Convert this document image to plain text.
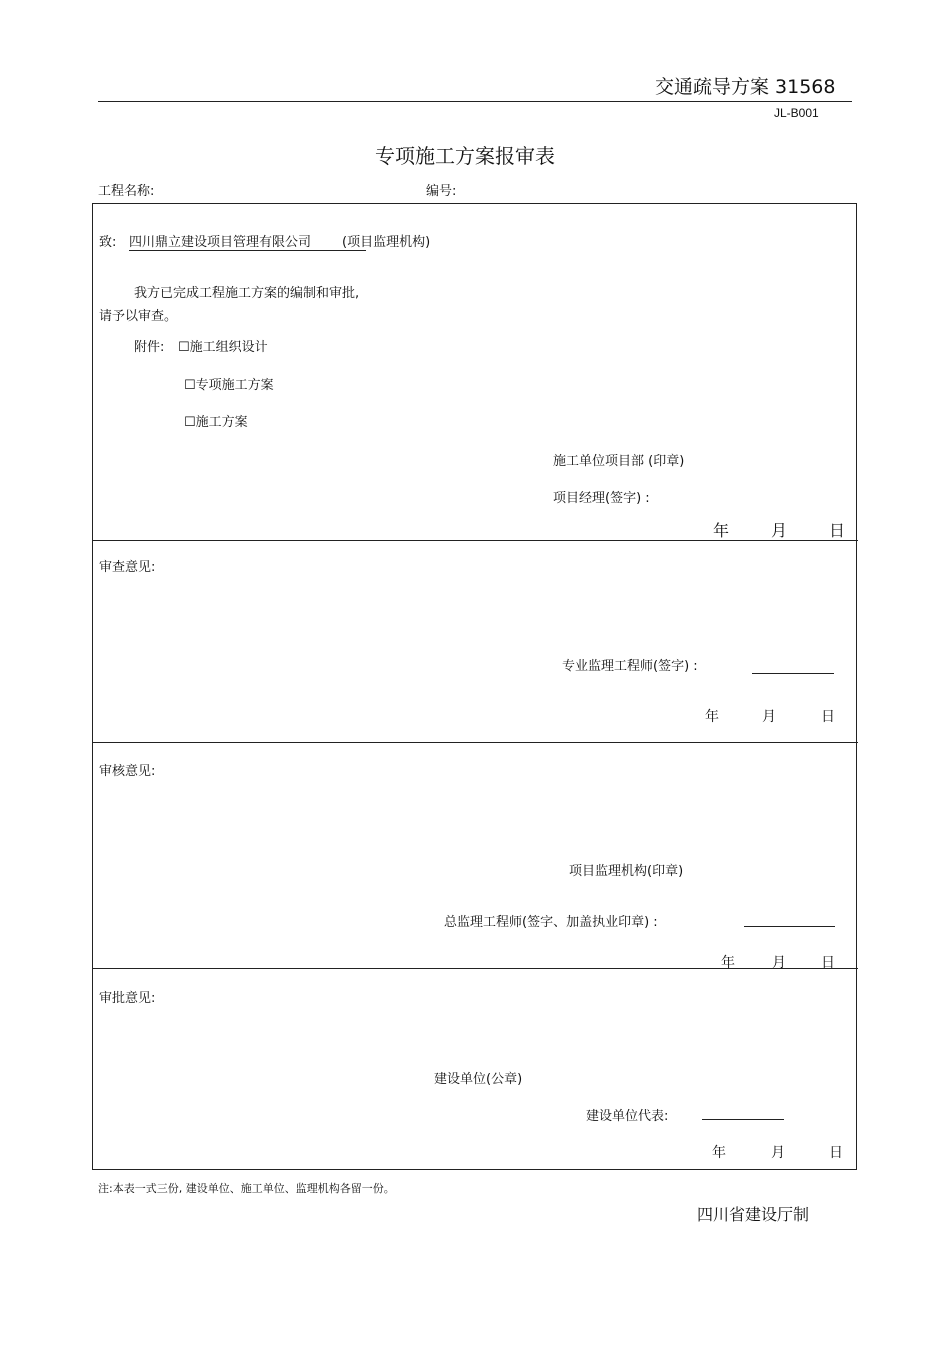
交通疏导方案 31568
JL-B001
专项施工方案报审表
工程名称:	编号:
致: 四川鼎立建设项目管理有限公司 (项目监理机构)
我方已完成工程施工方案的编制和审批,
请予以审查。
附件: ☐施工组织设计
☐专项施工方案
☐施工方案
施工单位项目部 (印章)
项目经理(签字) :
年	月	日
审查意见:
专业监理工程师(签字) :
年	月	日
审核意见:
项目监理机构(印章)
总监理工程师(签字、加盖执业印章) :
年	月	日
审批意见:
建设单位(公章)
建设单位代表:
年	月	日
注:本表一式三份, 建设单位、施工单位、监理机构各留一份。
四川省建设厅制
